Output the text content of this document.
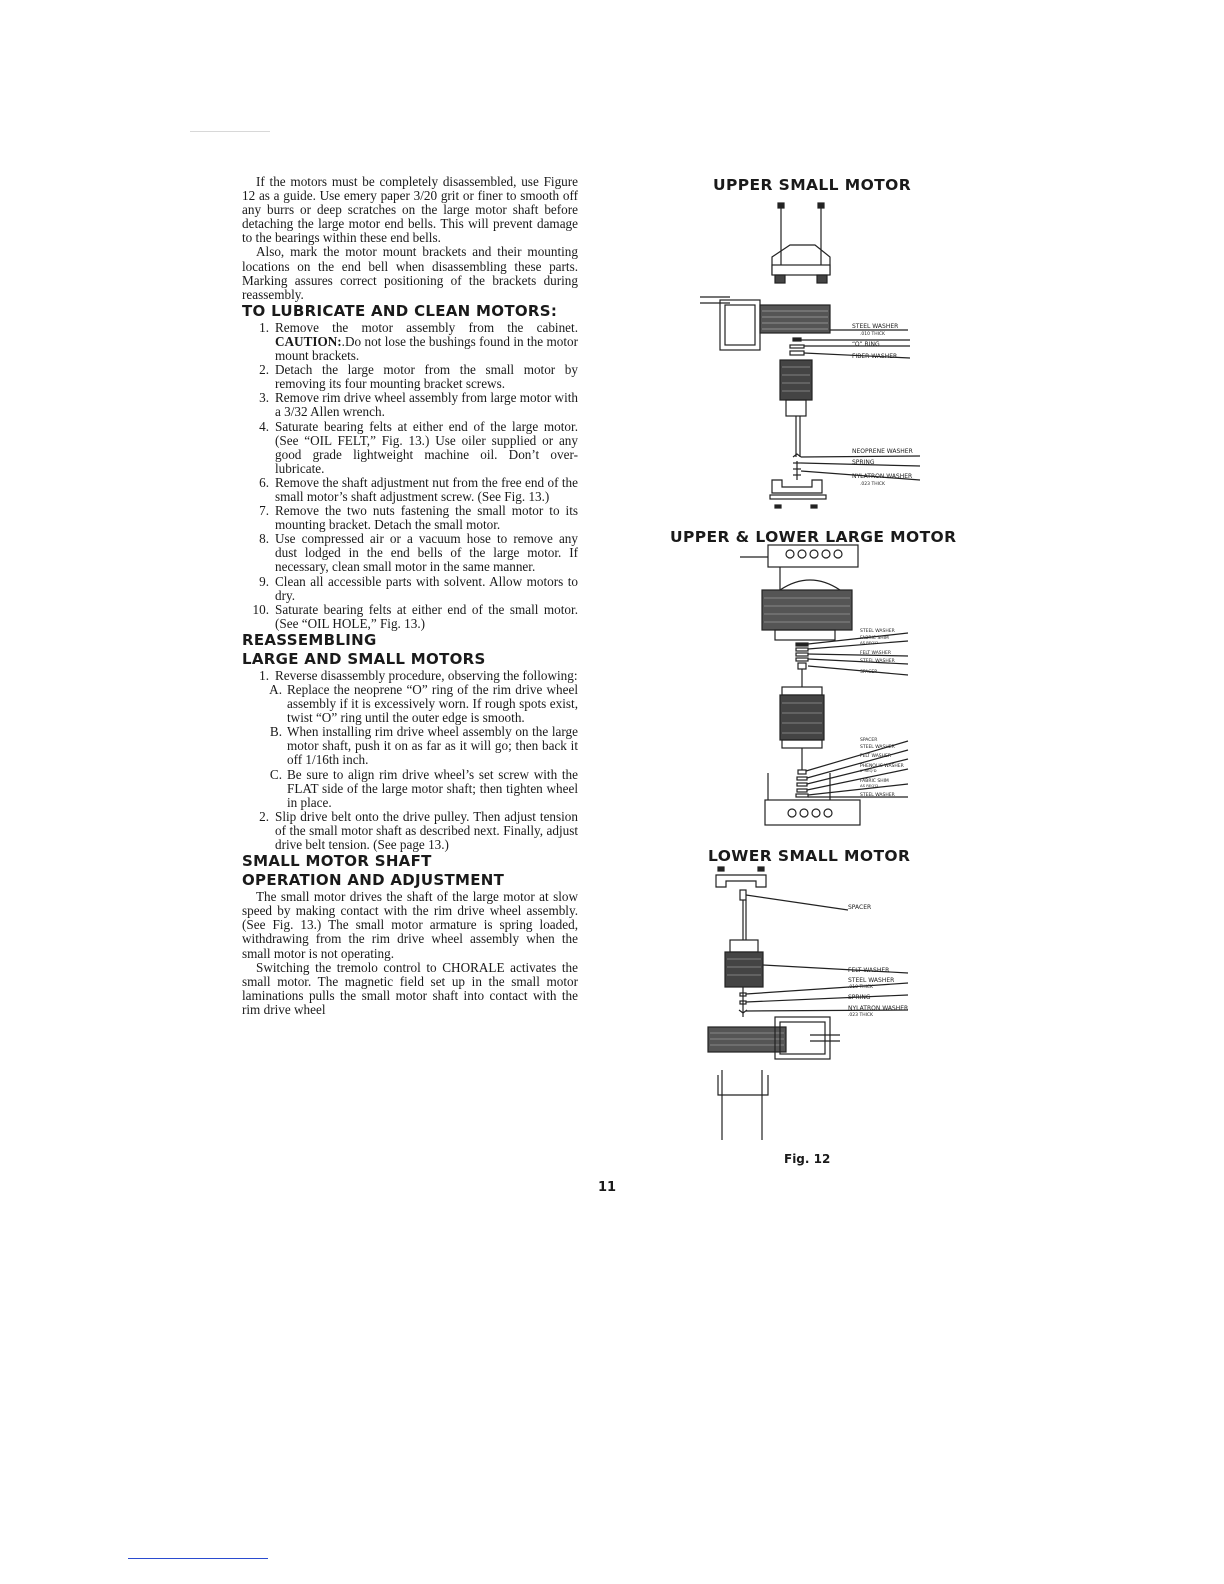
If the motors must be completely disassembled, use Figure 12 as a guide. Use emery paper 3/20 grit or finer to smooth off any burrs or deep scratches on the large motor shaft before detaching the large motor end bells. This will prevent damage to the bearings within these end bells.

Also, mark the motor mount brackets and their mounting locations on the end bell when disassembling these parts. Marking assures correct positioning of the brackets during reassembly.

TO LUBRICATE AND CLEAN MOTORS:
1. Remove the motor assembly from the cabinet. CAUTION:.Do not lose the bushings found in the motor mount brackets.
2. Detach the large motor from the small motor by removing its four mounting bracket screws.
3. Remove rim drive wheel assembly from large motor with a 3/32 Allen wrench.
4. Saturate bearing felts at either end of the large motor. (See “OIL FELT,” Fig. 13.) Use oiler supplied or any good grade lightweight machine oil. Don’t over-lubricate.
6. Remove the shaft adjustment nut from the free end of the small motor’s shaft adjustment screw. (See Fig. 13.)
7. Remove the two nuts fastening the small motor to its mounting bracket. Detach the small motor.
8. Use compressed air or a vacuum hose to remove any dust lodged in the end bells of the large motor. If necessary, clean small motor in the same manner.
9. Clean all accessible parts with solvent. Allow motors to dry.
10. Saturate bearing felts at either end of the small motor. (See “OIL HOLE,” Fig. 13.)
REASSEMBLING
LARGE AND SMALL MOTORS
1. Reverse disassembly procedure, observing the following:
A. Replace the neoprene “O” ring of the rim drive wheel assembly if it is excessively worn. If rough spots exist, twist “O” ring until the outer edge is smooth.
B. When installing rim drive wheel assembly on the large motor shaft, push it on as far as it will go; then back it off 1/16th inch.
C. Be sure to align rim drive wheel’s set screw with the FLAT side of the large motor shaft; then tighten wheel in place.
2. Slip drive belt onto the drive pulley. Then adjust tension of the small motor shaft as described next. Finally, adjust drive belt tension. (See page 13.)
SMALL MOTOR SHAFT
OPERATION AND ADJUSTMENT

The small motor drives the shaft of the large motor at slow speed by making contact with the rim drive wheel assembly. (See Fig. 13.) The small motor armature is spring loaded, withdrawing from the rim drive wheel assembly when the small motor is not operating.

Switching the tremolo control to CHORALE activates the small motor. The magnetic field set up in the small motor laminations pulls the small motor shaft into contact with the rim drive wheel

UPPER SMALL MOTOR
UPPER & LOWER LARGE MOTOR
LOWER SMALL MOTOR
Fig. 12
STEEL WASHER
.010 THICK
“O” RING
FIBER WASHER
NEOPRENE WASHER
SPRING
NYLATRON WASHER
.023 THICK
STEEL WASHER
FABRIC SHIM
AS REQ'D
FELT WASHER
STEEL WASHER
SPACER
SPACER
STEEL WASHER
FELT WASHER
PHENOLIC WASHER
IF REQ'D
FABRIC SHIM
AS REQ'D
STEEL WASHER
SPACER
FELT WASHER
STEEL WASHER
.010 THICK
SPRING
NYLATRON WASHER
.023 THICK
11
